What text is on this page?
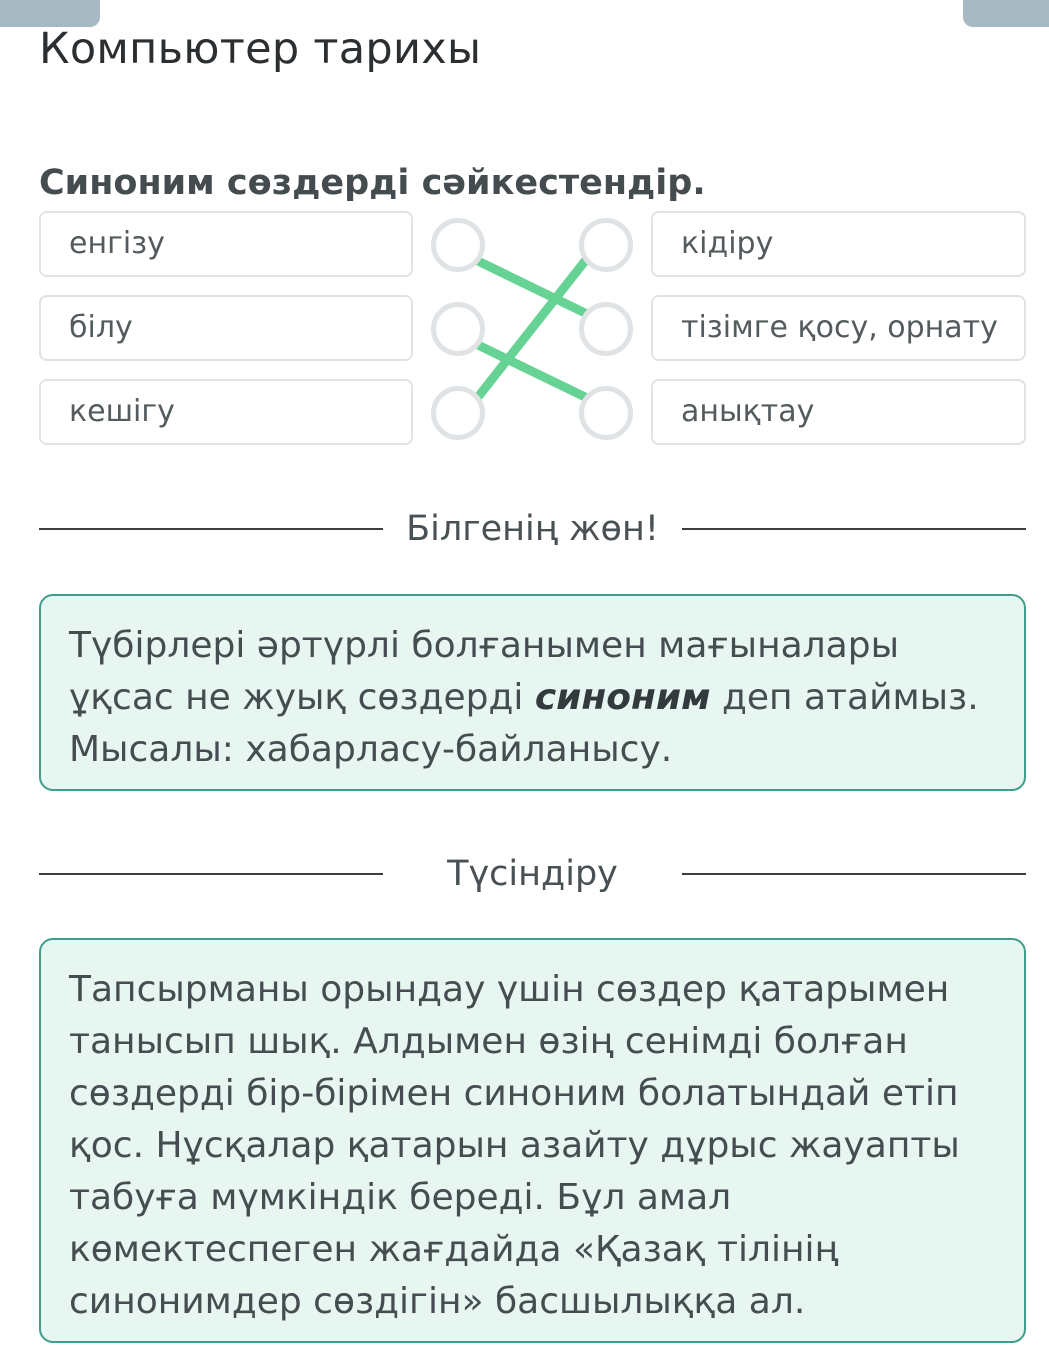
Компьютер тарихы
Синоним сөздерді сәйкестендір.
енгізу
білу
кешігу
кідіру
тізімге қосу, орнату
анықтау
Білгенің жөн!
Түбірлері әртүрлі болғанымен мағыналары ұқсас не жуық сөздерді синоним деп атаймыз. Мысалы: хабарласу-байланысу.
Түсіндіру
Тапсырманы орындау үшін сөздер қатарымен танысып шық. Алдымен өзің сенімді болған сөздерді бір-бірімен синоним болатындай етіп қос. Нұсқалар қатарын азайту дұрыс жауапты табуға мүмкіндік береді. Бұл амал көмектеспеген жағдайда «Қазақ тілінің синонимдер сөздігін» басшылыққа ал.
